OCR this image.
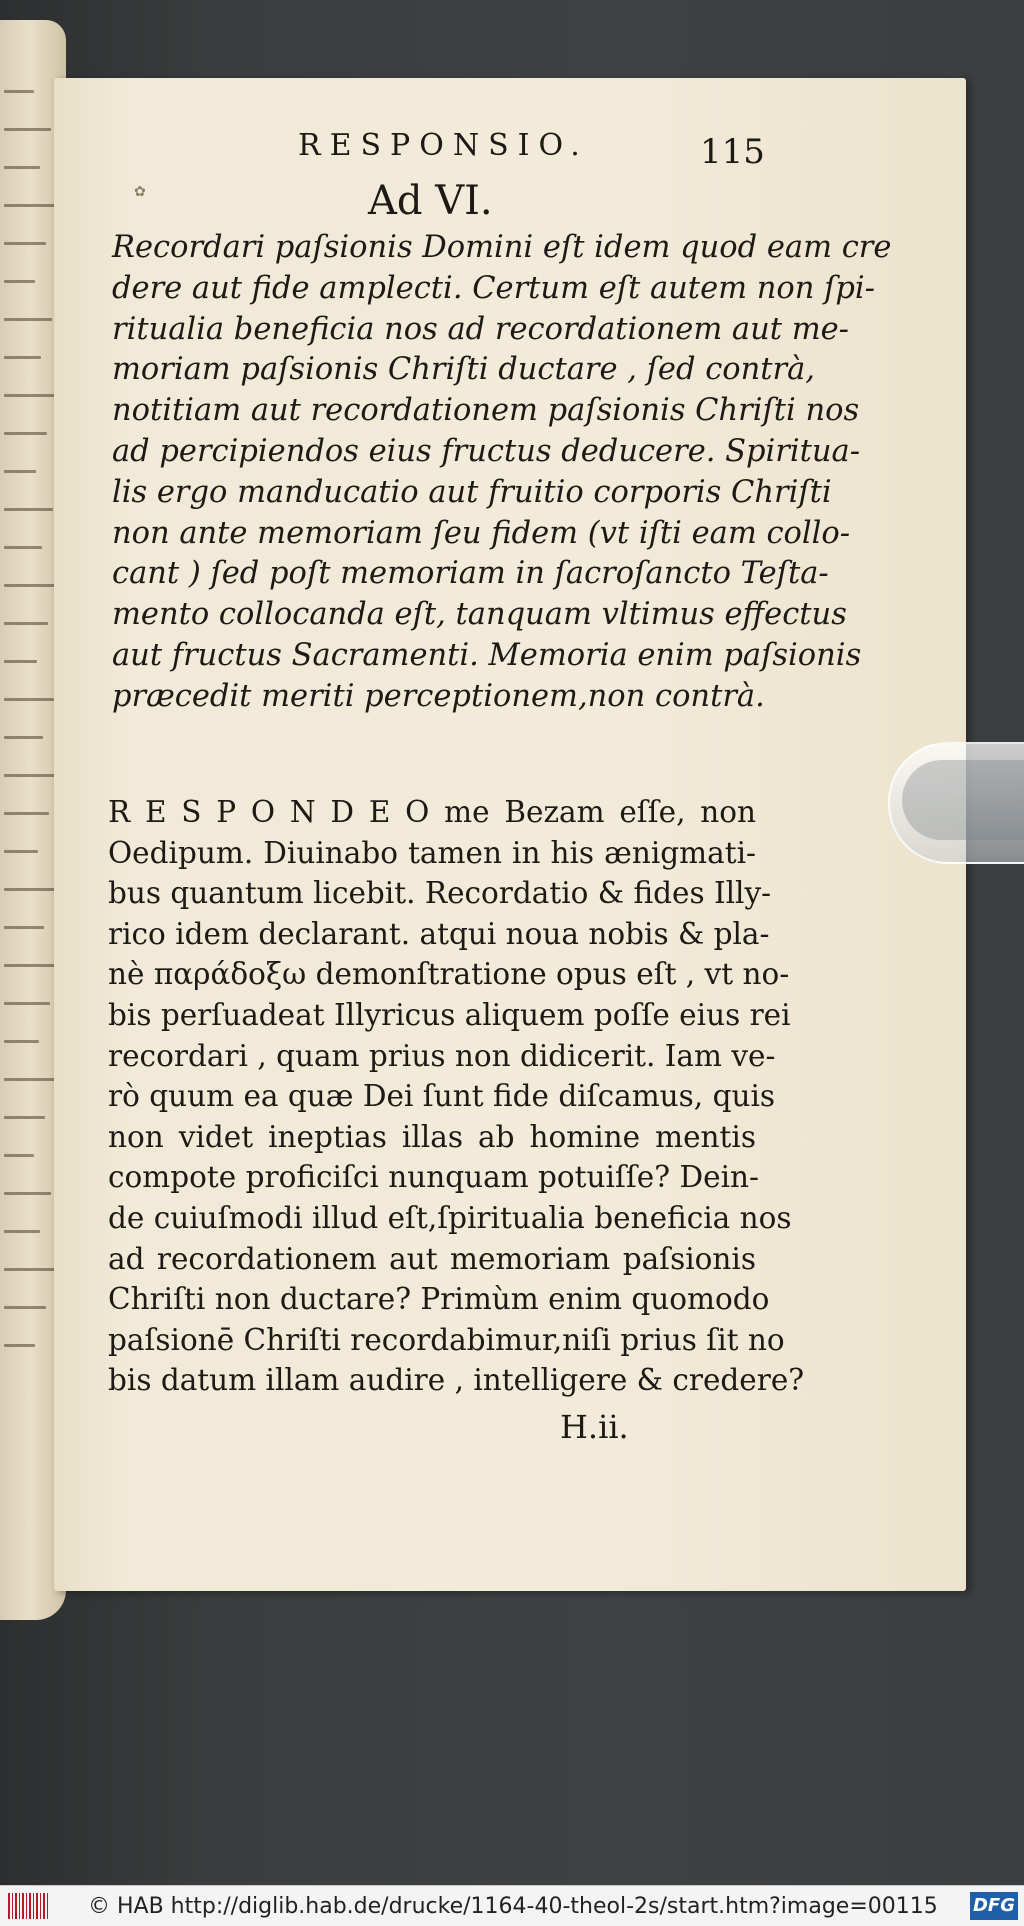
✿
RESPONSIO.	115
Ad VI.
Recordari paſsionis Domini eſt idem quod eam cre
dere aut fide amplecti. Certum eſt autem non ſpi-
ritualia beneficia nos ad recordationem aut me-
moriam paſsionis Chriſti ductare , ſed contrà,
notitiam aut recordationem paſsionis Chriſti nos
ad percipiendos eius fructus deducere. Spiritua-
lis ergo manducatio aut fruitio corporis Chriſti
non ante memoriam ſeu fidem (vt iſti eam collo-
cant ) ſed poſt memoriam in ſacroſancto Teſta-
mento collocanda eſt, tanquam vltimus effectus
aut fructus Sacramenti. Memoria enim paſsionis
præcedit meriti perceptionem,non contrà.
R E S P O N D E O me Bezam eſſe, non
Oedipum. Diuinabo tamen in his ænigmati-
bus quantum licebit. Recordatio & fides Illy-
rico idem declarant. atqui noua nobis & pla-
nè παράδοξω demonſtratione opus eſt , vt no-
bis perſuadeat Illyricus aliquem poſſe eius rei
recordari , quam prius non didicerit. Iam ve-
rò quum ea quæ Dei ſunt fide diſcamus, quis
non videt ineptias illas ab homine mentis
compote proficiſci nunquam potuiſſe? Dein-
de cuiuſmodi illud eſt,ſpiritualia beneficia nos
ad recordationem aut memoriam paſsionis
Chriſti non ductare? Primùm enim quomodo
paſsionē Chriſti recordabimur,niſi prius ſit no
bis datum illam audire , intelligere & credere?
H.ii.
© HAB http://diglib.hab.de/drucke/1164-40-theol-2s/start.htm?image=00115 DFG
